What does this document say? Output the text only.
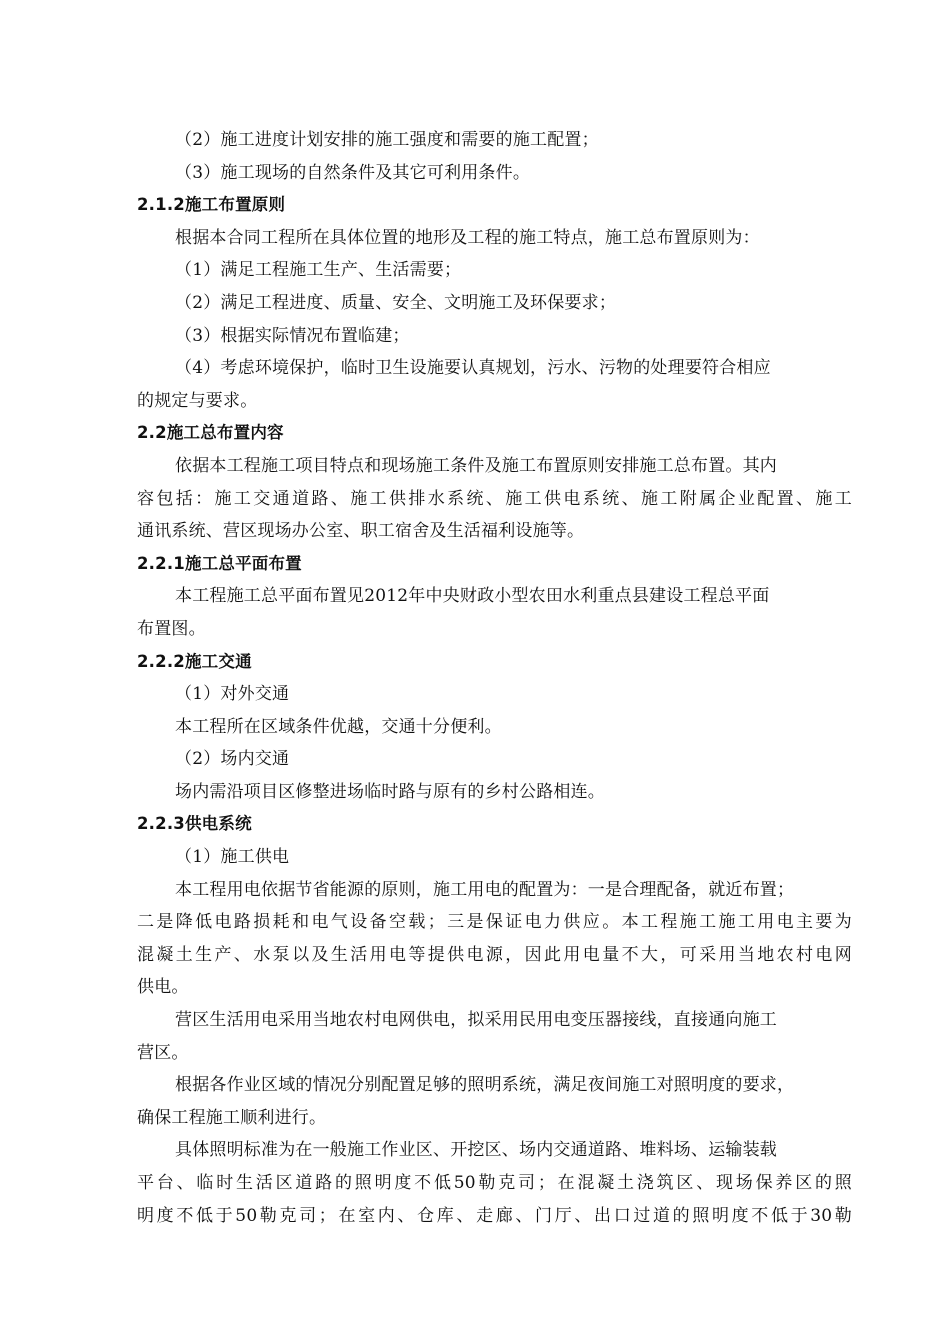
（2）施工进度计划安排的施工强度和需要的施工配置；
（3）施工现场的自然条件及其它可利用条件。
2.1.2施工布置原则
根据本合同工程所在具体位置的地形及工程的施工特点，施工总布置原则为：
（1）满足工程施工生产、生活需要；
（2）满足工程进度、质量、安全、文明施工及环保要求；
（3）根据实际情况布置临建；
（4）考虑环境保护，临时卫生设施要认真规划，污水、污物的处理要符合相应
的规定与要求。
2.2施工总布置内容
依据本工程施工项目特点和现场施工条件及施工布置原则安排施工总布置。其内
容包括：施工交通道路、施工供排水系统、施工供电系统、施工附属企业配置、施工
通讯系统、营区现场办公室、职工宿舍及生活福利设施等。
2.2.1施工总平面布置
本工程施工总平面布置见2012年中央财政小型农田水利重点县建设工程总平面
布置图。
2.2.2施工交通
（1）对外交通
本工程所在区域条件优越，交通十分便利。
（2）场内交通
场内需沿项目区修整进场临时路与原有的乡村公路相连。
2.2.3供电系统
（1）施工供电
本工程用电依据节省能源的原则，施工用电的配置为：一是合理配备，就近布置；
二是降低电路损耗和电气设备空载；三是保证电力供应。本工程施工施工用电主要为
混凝土生产、水泵以及生活用电等提供电源，因此用电量不大，可采用当地农村电网
供电。
营区生活用电采用当地农村电网供电，拟采用民用电变压器接线，直接通向施工
营区。
根据各作业区域的情况分别配置足够的照明系统，满足夜间施工对照明度的要求，
确保工程施工顺利进行。
具体照明标准为在一般施工作业区、开挖区、场内交通道路、堆料场、运输装载
平台、临时生活区道路的照明度不低50勒克司；在混凝土浇筑区、现场保养区的照
明度不低于50勒克司；在室内、仓库、走廊、门厅、出口过道的照明度不低于30勒
